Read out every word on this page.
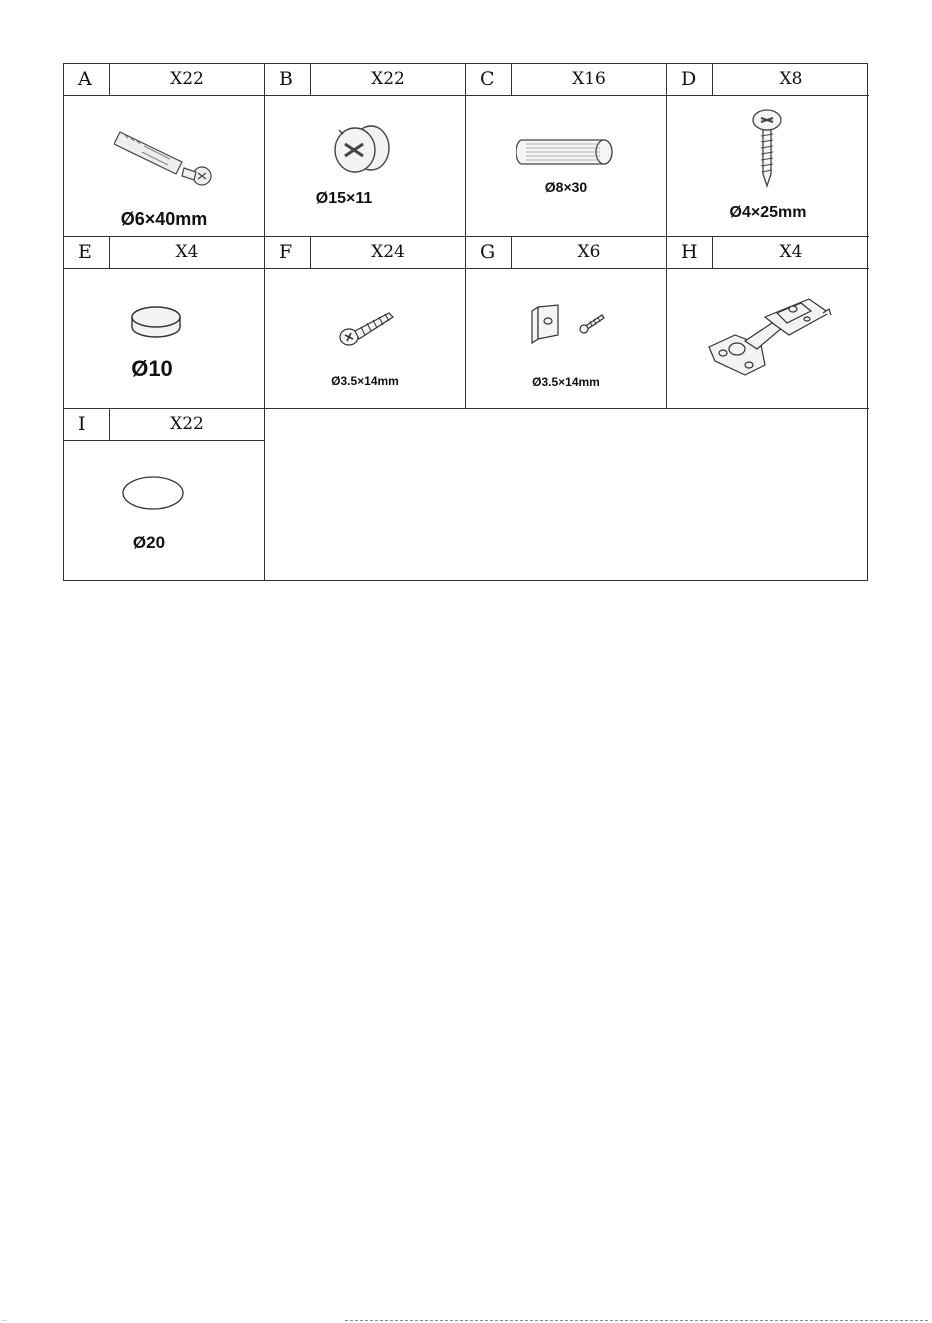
A	X22
Ø6×40mm
B	X22
Ø15×11
C	X16
Ø8×30
D	X8
Ø4×25mm
E	X4
Ø10
F	X24
Ø3.5×14mm
G	X6
Ø3.5×14mm
H	X4
I	X22
Ø20
...
